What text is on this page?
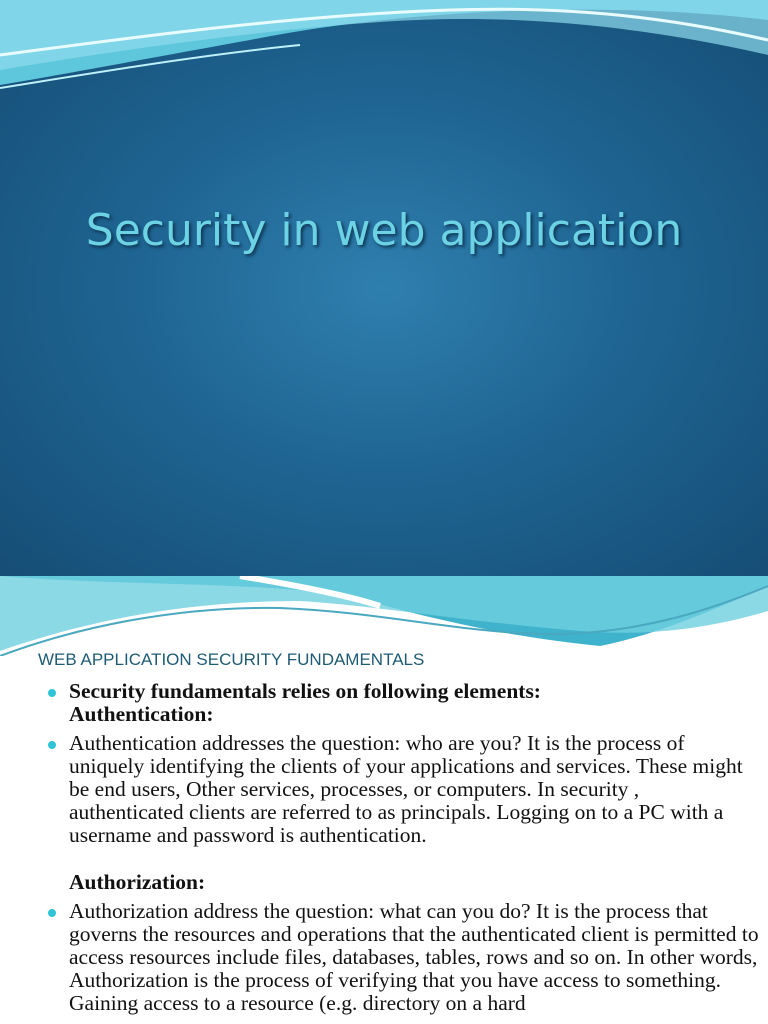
Security in web application
WEB APPLICATION SECURITY FUNDAMENTALS
Security fundamentals relies on following elements:
Authentication:
Authentication addresses the question: who are you? It is the process of uniquely identifying the clients of your applications and services. These might be end users, Other services, processes, or computers. In security , authenticated clients are referred to as principals. Logging on to a PC with a username and password is authentication.
Authorization:
Authorization address the question: what can you do? It is the process that governs the resources and operations that the authenticated client is permitted to access resources include files, databases, tables, rows and so on. In other words, Authorization is the process of verifying that you have access to something. Gaining access to a resource (e.g. directory on a hard
